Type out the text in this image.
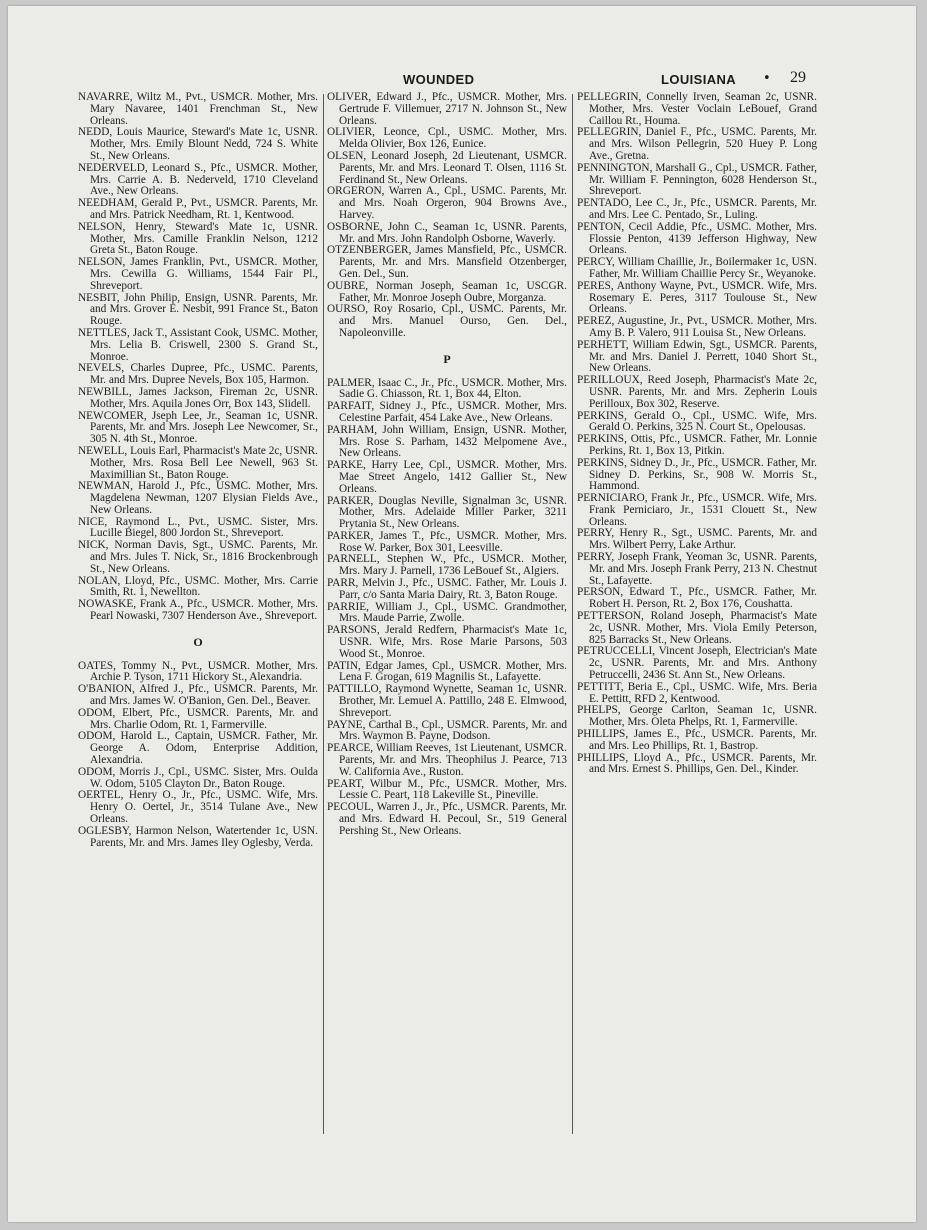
WOUNDED	LOUISIANA • 29

NAVARRE, Wiltz M., Pvt., USMCR. Mother, Mrs. Mary Navaree, 1401 Frenchman St., New Orleans.

NEDD, Louis Maurice, Steward's Mate 1c, USNR. Mother, Mrs. Emily Blount Nedd, 724 S. White St., New Orleans.

NEDERVELD, Leonard S., Pfc., USMCR. Mother, Mrs. Carrie A. B. Nederveld, 1710 Cleveland Ave., New Orleans.

NEEDHAM, Gerald P., Pvt., USMCR. Parents, Mr. and Mrs. Patrick Needham, Rt. 1, Kentwood.

NELSON, Henry, Steward's Mate 1c, USNR. Mother, Mrs. Camille Franklin Nelson, 1212 Greta St., Baton Rouge.

NELSON, James Franklin, Pvt., USMCR. Mother, Mrs. Cewilla G. Williams, 1544 Fair Pl., Shreveport.

NESBIT, John Philip, Ensign, USNR. Parents, Mr. and Mrs. Grover E. Nesbit, 991 France St., Baton Rouge.

NETTLES, Jack T., Assistant Cook, USMC. Mother, Mrs. Lelia B. Criswell, 2300 S. Grand St., Monroe.

NEVELS, Charles Dupree, Pfc., USMC. Parents, Mr. and Mrs. Dupree Nevels, Box 105, Harmon.

NEWBILL, James Jackson, Fireman 2c, USNR. Mother, Mrs. Aquila Jones Orr, Box 143, Slidell.

NEWCOMER, Jseph Lee, Jr., Seaman 1c, USNR. Parents, Mr. and Mrs. Joseph Lee Newcomer, Sr., 305 N. 4th St., Monroe.

NEWELL, Louis Earl, Pharmacist's Mate 2c, USNR. Mother, Mrs. Rosa Bell Lee Newell, 963 St. Maximillian St., Baton Rouge.

NEWMAN, Harold J., Pfc., USMC. Mother, Mrs. Magdelena Newman, 1207 Elysian Fields Ave., New Orleans.

NICE, Raymond L., Pvt., USMC. Sister, Mrs. Lucille Biegel, 800 Jordon St., Shreveport.

NICK, Norman Davis, Sgt., USMC. Parents, Mr. and Mrs. Jules T. Nick, Sr., 1816 Brockenbrough St., New Orleans.

NOLAN, Lloyd, Pfc., USMC. Mother, Mrs. Carrie Smith, Rt. 1, Newellton.

NOWASKE, Frank A., Pfc., USMCR. Mother, Mrs. Pearl Nowaski, 7307 Henderson Ave., Shreveport.

O

OATES, Tommy N., Pvt., USMCR. Mother, Mrs. Archie P. Tyson, 1711 Hickory St., Alexandria.

O'BANION, Alfred J., Pfc., USMCR. Parents, Mr. and Mrs. James W. O'Banion, Gen. Del., Beaver.

ODOM, Elbert, Pfc., USMCR. Parents, Mr. and Mrs. Charlie Odom, Rt. 1, Farmerville.

ODOM, Harold L., Captain, USMCR. Father, Mr. George A. Odom, Enterprise Addition, Alexandria.

ODOM, Morris J., Cpl., USMC. Sister, Mrs. Oulda W. Odom, 5105 Clayton Dr., Baton Rouge.

OERTEL, Henry O., Jr., Pfc., USMC. Wife, Mrs. Henry O. Oertel, Jr., 3514 Tulane Ave., New Orleans.

OGLESBY, Harmon Nelson, Watertender 1c, USN. Parents, Mr. and Mrs. James Iley Oglesby, Verda.

OLIVER, Edward J., Pfc., USMCR. Mother, Mrs. Gertrude F. Villemuer, 2717 N. Johnson St., New Orleans.

OLIVIER, Leonce, Cpl., USMC. Mother, Mrs. Melda Olivier, Box 126, Eunice.

OLSEN, Leonard Joseph, 2d Lieutenant, USMCR. Parents, Mr. and Mrs. Leonard T. Olsen, 1116 St. Ferdinand St., New Orleans.

ORGERON, Warren A., Cpl., USMC. Parents, Mr. and Mrs. Noah Orgeron, 904 Browns Ave., Harvey.

OSBORNE, John C., Seaman 1c, USNR. Parents, Mr. and Mrs. John Randolph Osborne, Waverly.

OTZENBERGER, James Mansfield, Pfc., USMCR. Parents, Mr. and Mrs. Mansfield Otzenberger, Gen. Del., Sun.

OUBRE, Norman Joseph, Seaman 1c, USCGR. Father, Mr. Monroe Joseph Oubre, Morganza.

OURSO, Roy Rosario, Cpl., USMC. Parents, Mr. and Mrs. Manuel Ourso, Gen. Del., Napoleonville.

P

PALMER, Isaac C., Jr., Pfc., USMCR. Mother, Mrs. Sadie G. Chiasson, Rt. 1, Box 44, Elton.

PARFAIT, Sidney J., Pfc., USMCR. Mother, Mrs. Celestine Parfait, 454 Lake Ave., New Orleans.

PARHAM, John William, Ensign, USNR. Mother, Mrs. Rose S. Parham, 1432 Melpomene Ave., New Orleans.

PARKE, Harry Lee, Cpl., USMCR. Mother, Mrs. Mae Street Angelo, 1412 Gallier St., New Orleans.

PARKER, Douglas Neville, Signalman 3c, USNR. Mother, Mrs. Adelaide Miller Parker, 3211 Prytania St., New Orleans.

PARKER, James T., Pfc., USMCR. Mother, Mrs. Rose W. Parker, Box 301, Leesville.

PARNELL, Stephen W., Pfc., USMCR. Mother, Mrs. Mary J. Parnell, 1736 LeBouef St., Algiers.

PARR, Melvin J., Pfc., USMC. Father, Mr. Louis J. Parr, c/o Santa Maria Dairy, Rt. 3, Baton Rouge.

PARRIE, William J., Cpl., USMC. Grandmother, Mrs. Maude Parrie, Zwolle.

PARSONS, Jerald Redfern, Pharmacist's Mate 1c, USNR. Wife, Mrs. Rose Marie Parsons, 503 Wood St., Monroe.

PATIN, Edgar James, Cpl., USMCR. Mother, Mrs. Lena F. Grogan, 619 Magnilis St., Lafayette.

PATTILLO, Raymond Wynette, Seaman 1c, USNR. Brother, Mr. Lemuel A. Pattillo, 248 E. Elmwood, Shreveport.

PAYNE, Carthal B., Cpl., USMCR. Parents, Mr. and Mrs. Waymon B. Payne, Dodson.

PEARCE, William Reeves, 1st Lieutenant, USMCR. Parents, Mr. and Mrs. Theophilus J. Pearce, 713 W. California Ave., Ruston.

PEART, Wilbur M., Pfc., USMCR. Mother, Mrs. Lessie C. Peart, 118 Lakeville St., Pineville.

PECOUL, Warren J., Jr., Pfc., USMCR. Parents, Mr. and Mrs. Edward H. Pecoul, Sr., 519 General Pershing St., New Orleans.

PELLEGRIN, Connelly Irven, Seaman 2c, USNR. Mother, Mrs. Vester Voclain LeBouef, Grand Caillou Rt., Houma.

PELLEGRIN, Daniel F., Pfc., USMC. Parents, Mr. and Mrs. Wilson Pellegrin, 520 Huey P. Long Ave., Gretna.

PENNINGTON, Marshall G., Cpl., USMCR. Father, Mr. William F. Pennington, 6028 Henderson St., Shreveport.

PENTADO, Lee C., Jr., Pfc., USMCR. Parents, Mr. and Mrs. Lee C. Pentado, Sr., Luling.

PENTON, Cecil Addie, Pfc., USMC. Mother, Mrs. Flossie Penton, 4139 Jefferson Highway, New Orleans.

PERCY, William Chaillie, Jr., Boilermaker 1c, USN. Father, Mr. William Chaillie Percy Sr., Weyanoke.

PERES, Anthony Wayne, Pvt., USMCR. Wife, Mrs. Rosemary E. Peres, 3117 Toulouse St., New Orleans.

PEREZ, Augustine, Jr., Pvt., USMCR. Mother, Mrs. Amy B. P. Valero, 911 Louisa St., New Orleans.

PERHETT, William Edwin, Sgt., USMCR. Parents, Mr. and Mrs. Daniel J. Perrett, 1040 Short St., New Orleans.

PERILLOUX, Reed Joseph, Pharmacist's Mate 2c, USNR. Parents, Mr. and Mrs. Zepherin Louis Perilloux, Box 302, Reserve.

PERKINS, Gerald O., Cpl., USMC. Wife, Mrs. Gerald O. Perkins, 325 N. Court St., Opelousas.

PERKINS, Ottis, Pfc., USMCR. Father, Mr. Lonnie Perkins, Rt. 1, Box 13, Pitkin.

PERKINS, Sidney D., Jr., Pfc., USMCR. Father, Mr. Sidney D. Perkins, Sr., 908 W. Morris St., Hammond.

PERNICIARO, Frank Jr., Pfc., USMCR. Wife, Mrs. Frank Perniciaro, Jr., 1531 Clouett St., New Orleans.

PERRY, Henry R., Sgt., USMC. Parents, Mr. and Mrs. Wilbert Perry, Lake Arthur.

PERRY, Joseph Frank, Yeoman 3c, USNR. Parents, Mr. and Mrs. Joseph Frank Perry, 213 N. Chestnut St., Lafayette.

PERSON, Edward T., Pfc., USMCR. Father, Mr. Robert H. Person, Rt. 2, Box 176, Coushatta.

PETTERSON, Roland Joseph, Pharmacist's Mate 2c, USNR. Mother, Mrs. Viola Emily Peterson, 825 Barracks St., New Orleans.

PETRUCCELLI, Vincent Joseph, Electrician's Mate 2c, USNR. Parents, Mr. and Mrs. Anthony Petruccelli, 2436 St. Ann St., New Orleans.

PETTITT, Beria E., Cpl., USMC. Wife, Mrs. Beria E. Pettitt, RFD 2, Kentwood.

PHELPS, George Carlton, Seaman 1c, USNR. Mother, Mrs. Oleta Phelps, Rt. 1, Farmerville.

PHILLIPS, James E., Pfc., USMCR. Parents, Mr. and Mrs. Leo Phillips, Rt. 1, Bastrop.

PHILLIPS, Lloyd A., Pfc., USMCR. Parents, Mr. and Mrs. Ernest S. Phillips, Gen. Del., Kinder.
